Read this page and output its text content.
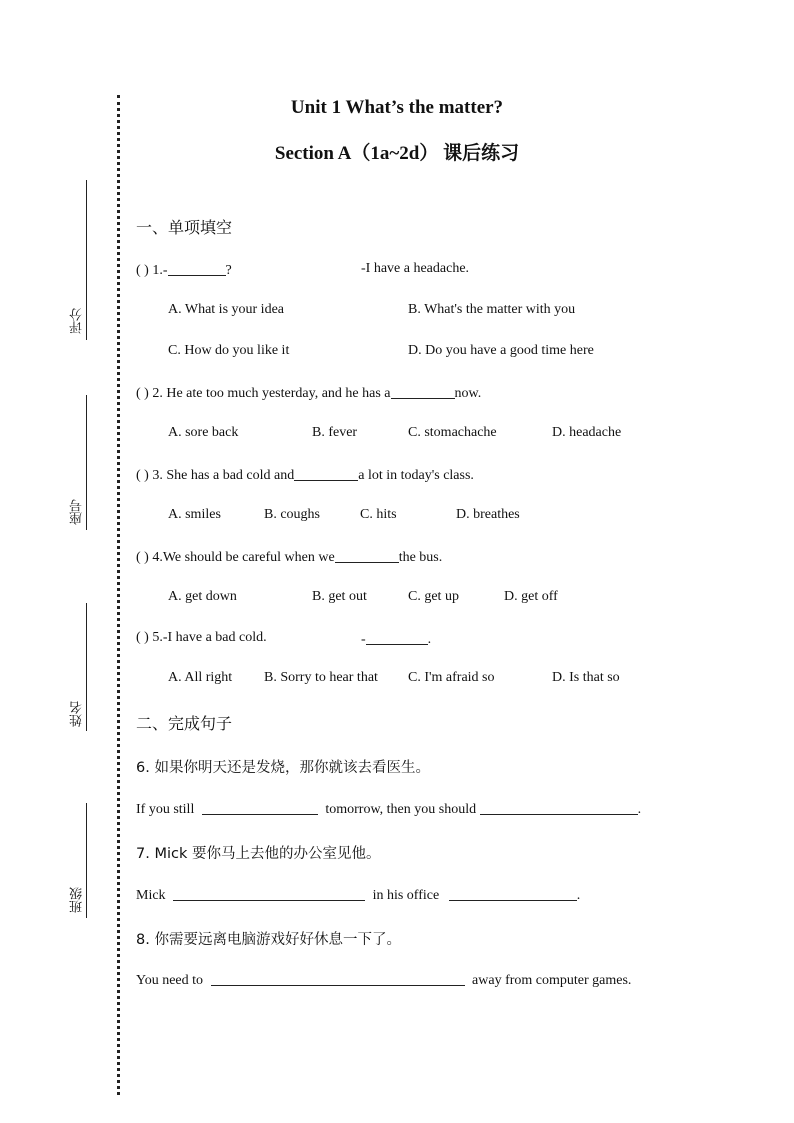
评分
座号
姓名
班级
Unit 1 What’s the matter?
Section A（1a~2d） 课后练习
一、单项填空
( ) 1.-	?	-I have a headache.
A. What is your idea	B. What's the matter with you
C. How do you like it	D. Do you have a good time here
( ) 2. He ate too much yesterday, and he has a	now.
A. sore back	B. fever	C. stomachache	D. headache
( ) 3. She has a bad cold and	a lot in today's class.
A. smiles	B. coughs	C. hits	D. breathes
( ) 4.We should be careful when we	the bus.
A. get down	B. get out	C. get up	D. get off
( ) 5.-I have a bad cold.	-	.
A. All right B. Sorry to hear that C. I'm afraid so	D. Is that so
二、完成句子
6. 如果你明天还是发烧，那你就该去看医生。
If you still	tomorrow, then you should	.
7. Mick 要你马上去他的办公室见他。
Mick	in his office	.
8. 你需要远离电脑游戏好好休息一下了。
You need to	away from computer games.
